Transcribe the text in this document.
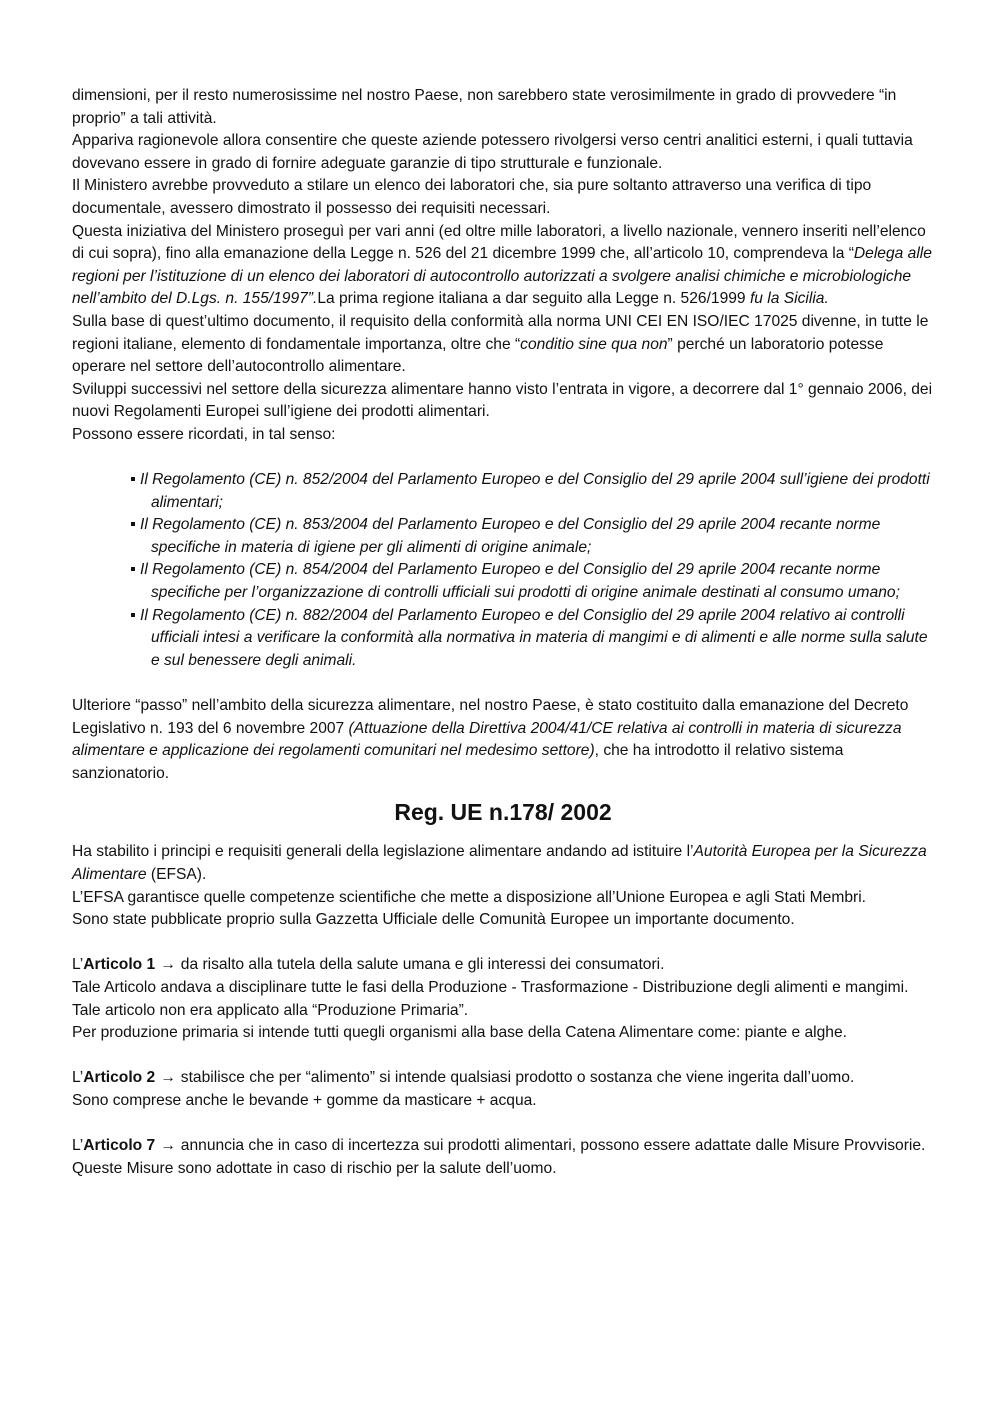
dimensioni, per il resto numerosissime nel nostro Paese, non sarebbero state verosimilmente in grado di provvedere “in proprio” a tali attività.

Appariva ragionevole allora consentire che queste aziende potessero rivolgersi verso centri analitici esterni, i quali tuttavia dovevano essere in grado di fornire adeguate garanzie di tipo strutturale e funzionale.

Il Ministero avrebbe provveduto a stilare un elenco dei laboratori che, sia pure soltanto attraverso una verifica di tipo documentale, avessero dimostrato il possesso dei requisiti necessari.

Questa iniziativa del Ministero proseguì per vari anni (ed oltre mille laboratori, a livello nazionale, vennero inseriti nell’elenco di cui sopra), fino alla emanazione della Legge n. 526 del 21 dicembre 1999 che, all’articolo 10, comprendeva la “Delega alle regioni per l’istituzione di un elenco dei laboratori di autocontrollo autorizzati a svolgere analisi chimiche e microbiologiche nell’ambito del D.Lgs. n. 155/1997”.La prima regione italiana a dar seguito alla Legge n. 526/1999 fu la Sicilia.

Sulla base di quest’ultimo documento, il requisito della conformità alla norma UNI CEI EN ISO/IEC 17025 divenne, in tutte le regioni italiane, elemento di fondamentale importanza, oltre che “conditio sine qua non” perché un laboratorio potesse operare nel settore dell’autocontrollo alimentare.

Sviluppi successivi nel settore della sicurezza alimentare hanno visto l’entrata in vigore, a decorrere dal 1° gennaio 2006, dei nuovi Regolamenti Europei sull’igiene dei prodotti alimentari.

Possono essere ricordati, in tal senso:

Il Regolamento (CE) n. 852/2004 del Parlamento Europeo e del Consiglio del 29 aprile 2004 sull’igiene dei prodotti alimentari;
Il Regolamento (CE) n. 853/2004 del Parlamento Europeo e del Consiglio del 29 aprile 2004 recante norme specifiche in materia di igiene per gli alimenti di origine animale;
Il Regolamento (CE) n. 854/2004 del Parlamento Europeo e del Consiglio del 29 aprile 2004 recante norme specifiche per l’organizzazione di controlli ufficiali sui prodotti di origine animale destinati al consumo umano;
Il Regolamento (CE) n. 882/2004 del Parlamento Europeo e del Consiglio del 29 aprile 2004 relativo ai controlli ufficiali intesi a verificare la conformità alla normativa in materia di mangimi e di alimenti e alle norme sulla salute e sul benessere degli animali.

Ulteriore “passo” nell’ambito della sicurezza alimentare, nel nostro Paese, è stato costituito dalla emanazione del Decreto Legislativo n. 193 del 6 novembre 2007 (Attuazione della Direttiva 2004/41/CE relativa ai controlli in materia di sicurezza alimentare e applicazione dei regolamenti comunitari nel medesimo settore), che ha introdotto il relativo sistema sanzionatorio.

Reg. UE n.178/ 2002

Ha stabilito i principi e requisiti generali della legislazione alimentare andando ad istituire l’Autorità Europea per la Sicurezza Alimentare (EFSA).

L’EFSA garantisce quelle competenze scientifiche che mette a disposizione all’Unione Europea e agli Stati Membri.

Sono state pubblicate proprio sulla Gazzetta Ufficiale delle Comunità Europee un importante documento.

L’Articolo 1 → da risalto alla tutela della salute umana e gli interessi dei consumatori.

Tale Articolo andava a disciplinare tutte le fasi della Produzione - Trasformazione - Distribuzione degli alimenti e mangimi. Tale articolo non era applicato alla “Produzione Primaria”.

Per produzione primaria si intende tutti quegli organismi alla base della Catena Alimentare come: piante e alghe.

L’Articolo 2 → stabilisce che per “alimento” si intende qualsiasi prodotto o sostanza che viene ingerita dall’uomo.

Sono comprese anche le bevande + gomme da masticare + acqua.

L’Articolo 7 → annuncia che in caso di incertezza sui prodotti alimentari, possono essere adattate dalle Misure Provvisorie. Queste Misure sono adottate in caso di rischio per la salute dell’uomo.
